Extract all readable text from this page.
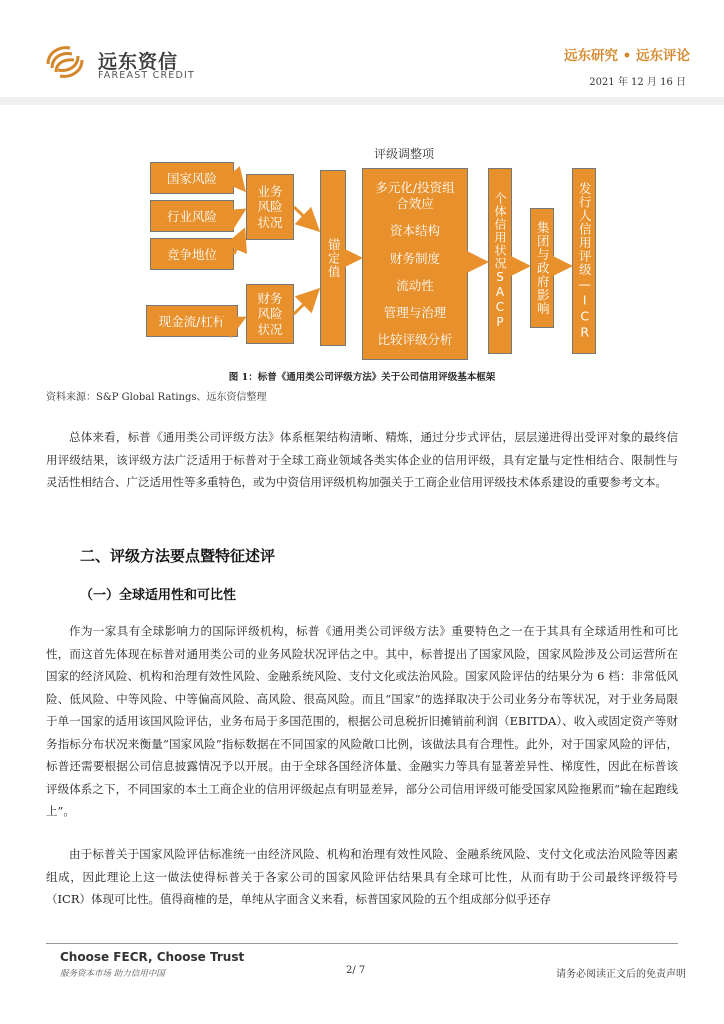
远东资信
FAREAST CREDIT
远东研究 • 远东评论
2021 年 12 月 16 日
评级调整项
国家风险
行业风险
竞争地位
现金流/杠杆
业务风险状况
财务风险状况
锚定值
多元化/投资组合效应
资本结构
财务制度
流动性
管理与治理
比较评级分析
个体信用状况SACP	集团与政府影响	发行人信用评级—ICR
图 1：标普《通用类公司评级方法》关于公司信用评级基本框架
资料来源：S&P Global Ratings、远东资信整理
总体来看，标普《通用类公司评级方法》体系框架结构清晰、精炼，通过分步式评估，层层递进得出受评对象的最终信用评级结果，该评级方法广泛适用于标普对于全球工商业领域各类实体企业的信用评级，具有定量与定性相结合、限制性与灵活性相结合、广泛适用性等多重特色，或为中资信用评级机构加强关于工商企业信用评级技术体系建设的重要参考文本。
二、评级方法要点暨特征述评
（一）全球适用性和可比性
作为一家具有全球影响力的国际评级机构，标普《通用类公司评级方法》重要特色之一在于其具有全球适用性和可比性，而这首先体现在标普对通用类公司的业务风险状况评估之中。其中，标普提出了国家风险，国家风险涉及公司运营所在国家的经济风险、机构和治理有效性风险、金融系统风险、支付文化或法治风险。国家风险评估的结果分为 6 档：非常低风险、低风险、中等风险、中等偏高风险、高风险、很高风险。而且“国家”的选择取决于公司业务分布等状况，对于业务局限于单一国家的适用该国风险评估，业务布局于多国范围的，根据公司息税折旧摊销前利润（EBITDA）、收入或固定资产等财务指标分布状况来衡量“国家风险”指标数据在不同国家的风险敞口比例，该做法具有合理性。此外，对于国家风险的评估，标普还需要根据公司信息披露情况予以开展。由于全球各国经济体量、金融实力等具有显著差异性、梯度性，因此在标普该评级体系之下，不同国家的本土工商企业的信用评级起点有明显差异，部分公司信用评级可能受国家风险拖累而“输在起跑线上”。
由于标普关于国家风险评估标准统一由经济风险、机构和治理有效性风险、金融系统风险、支付文化或法治风险等因素组成，因此理论上这一做法使得标普关于各家公司的国家风险评估结果具有全球可比性，从而有助于公司最终评级符号（ICR）体现可比性。值得商榷的是，单纯从字面含义来看，标普国家风险的五个组成部分似乎还存
Choose FECR, Choose Trust
服务资本市场 助力信用中国	2/ 7	请务必阅读正文后的免责声明
